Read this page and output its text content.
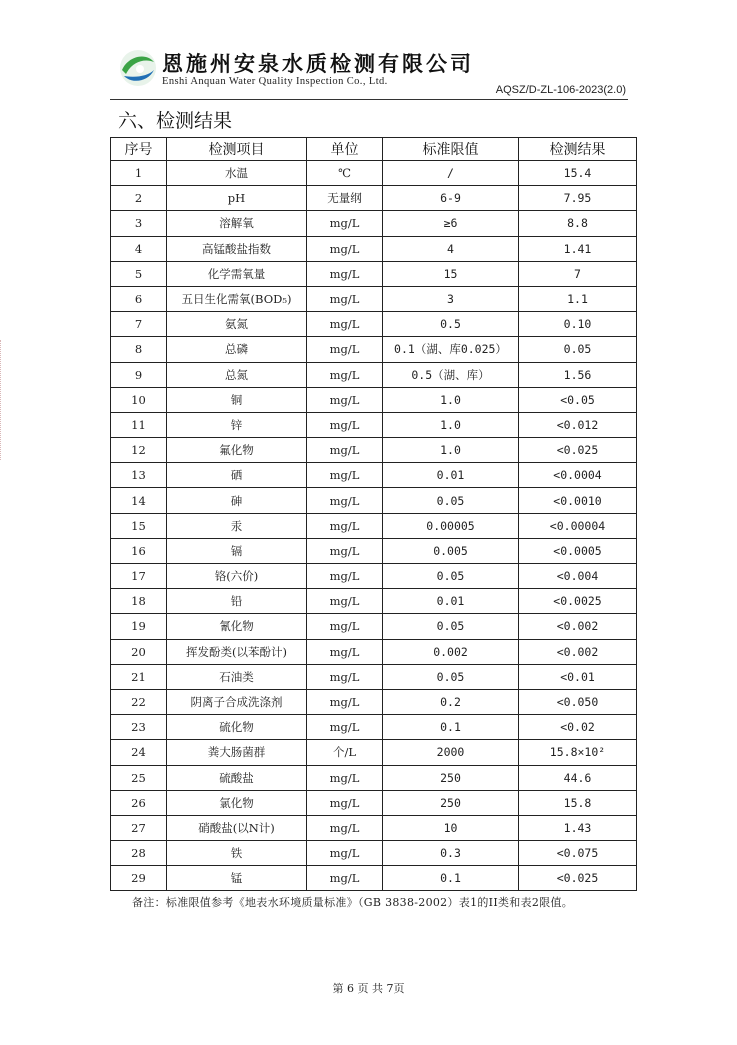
恩施州安泉水质检测有限公司
Enshi Anquan Water Quality Inspection Co., Ltd.
AQSZ/D-ZL-106-2023(2.0)
六、检测结果
序号	检测项目	单位	标准限值	检测结果
1	水温	℃	/	15.4
2	pH	无量纲	6-9	7.95
3	溶解氧	mg/L	≥6	8.8
4	高锰酸盐指数	mg/L	4	1.41
5	化学需氧量	mg/L	15	7
6	五日生化需氧(BOD₅)	mg/L	3	1.1
7	氨氮	mg/L	0.5	0.10
8	总磷	mg/L	0.1（湖、库0.025）	0.05
9	总氮	mg/L	0.5（湖、库）	1.56
10	铜	mg/L	1.0	<0.05
11	锌	mg/L	1.0	<0.012
12	氟化物	mg/L	1.0	<0.025
13	硒	mg/L	0.01	<0.0004
14	砷	mg/L	0.05	<0.0010
15	汞	mg/L	0.00005	<0.00004
16	镉	mg/L	0.005	<0.0005
17	铬(六价)	mg/L	0.05	<0.004
18	铅	mg/L	0.01	<0.0025
19	氰化物	mg/L	0.05	<0.002
20	挥发酚类(以苯酚计)	mg/L	0.002	<0.002
21	石油类	mg/L	0.05	<0.01
22	阴离子合成洗涤剂	mg/L	0.2	<0.050
23	硫化物	mg/L	0.1	<0.02
24	粪大肠菌群	个/L	2000	15.8×10²
25	硫酸盐	mg/L	250	44.6
26	氯化物	mg/L	250	15.8
27	硝酸盐(以N计)	mg/L	10	1.43
28	铁	mg/L	0.3	<0.075
29	锰	mg/L	0.1	<0.025
备注：标准限值参考《地表水环境质量标准》（GB 3838-2002）表1的II类和表2限值。
第 6 页 共 7页
